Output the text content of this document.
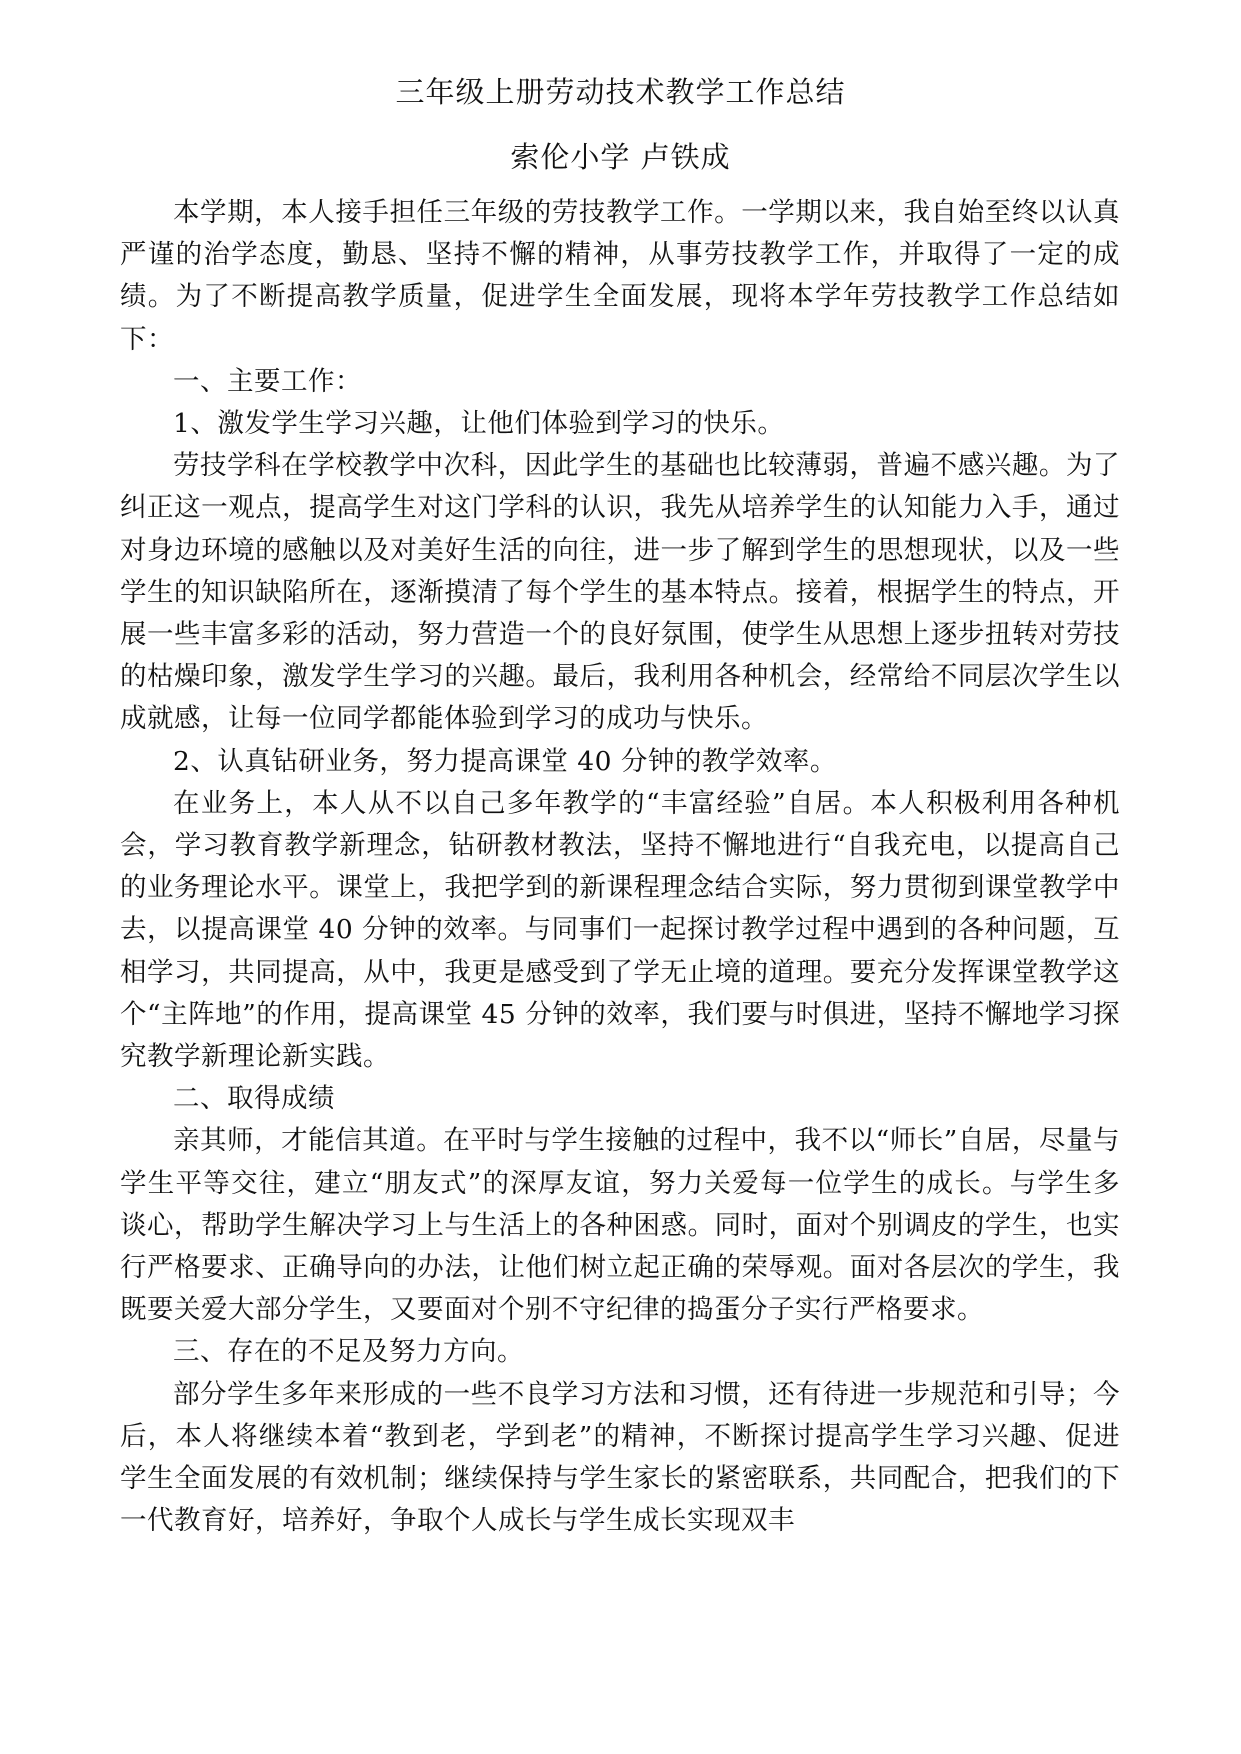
三年级上册劳动技术教学工作总结
索伦小学 卢铁成

本学期，本人接手担任三年级的劳技教学工作。一学期以来，我自始至终以认真严谨的治学态度，勤恳、坚持不懈的精神，从事劳技教学工作，并取得了一定的成绩。为了不断提高教学质量，促进学生全面发展，现将本学年劳技教学工作总结如下：

一、主要工作：

1、激发学生学习兴趣，让他们体验到学习的快乐。

劳技学科在学校教学中次科，因此学生的基础也比较薄弱，普遍不感兴趣。为了纠正这一观点，提高学生对这门学科的认识，我先从培养学生的认知能力入手，通过对身边环境的感触以及对美好生活的向往，进一步了解到学生的思想现状，以及一些学生的知识缺陷所在，逐渐摸清了每个学生的基本特点。接着，根据学生的特点，开展一些丰富多彩的活动，努力营造一个的良好氛围，使学生从思想上逐步扭转对劳技的枯燥印象，激发学生学习的兴趣。最后，我利用各种机会，经常给不同层次学生以成就感，让每一位同学都能体验到学习的成功与快乐。

2、认真钻研业务，努力提高课堂 40 分钟的教学效率。

在业务上，本人从不以自己多年教学的“丰富经验”自居。本人积极利用各种机会，学习教育教学新理念，钻研教材教法，坚持不懈地进行“自我充电，以提高自己的业务理论水平。课堂上，我把学到的新课程理念结合实际，努力贯彻到课堂教学中去，以提高课堂 40 分钟的效率。与同事们一起探讨教学过程中遇到的各种问题，互相学习，共同提高，从中，我更是感受到了学无止境的道理。要充分发挥课堂教学这个“主阵地”的作用，提高课堂 45 分钟的效率，我们要与时俱进，坚持不懈地学习探究教学新理论新实践。

二、取得成绩

亲其师，才能信其道。在平时与学生接触的过程中，我不以“师长”自居，尽量与学生平等交往，建立“朋友式”的深厚友谊，努力关爱每一位学生的成长。与学生多谈心，帮助学生解决学习上与生活上的各种困惑。同时，面对个别调皮的学生，也实行严格要求、正确导向的办法，让他们树立起正确的荣辱观。面对各层次的学生，我既要关爱大部分学生，又要面对个别不守纪律的捣蛋分子实行严格要求。

三、存在的不足及努力方向。

部分学生多年来形成的一些不良学习方法和习惯，还有待进一步规范和引导；今后，本人将继续本着“教到老，学到老”的精神，不断探讨提高学生学习兴趣、促进学生全面发展的有效机制；继续保持与学生家长的紧密联系，共同配合，把我们的下一代教育好，培养好，争取个人成长与学生成长实现双丰
